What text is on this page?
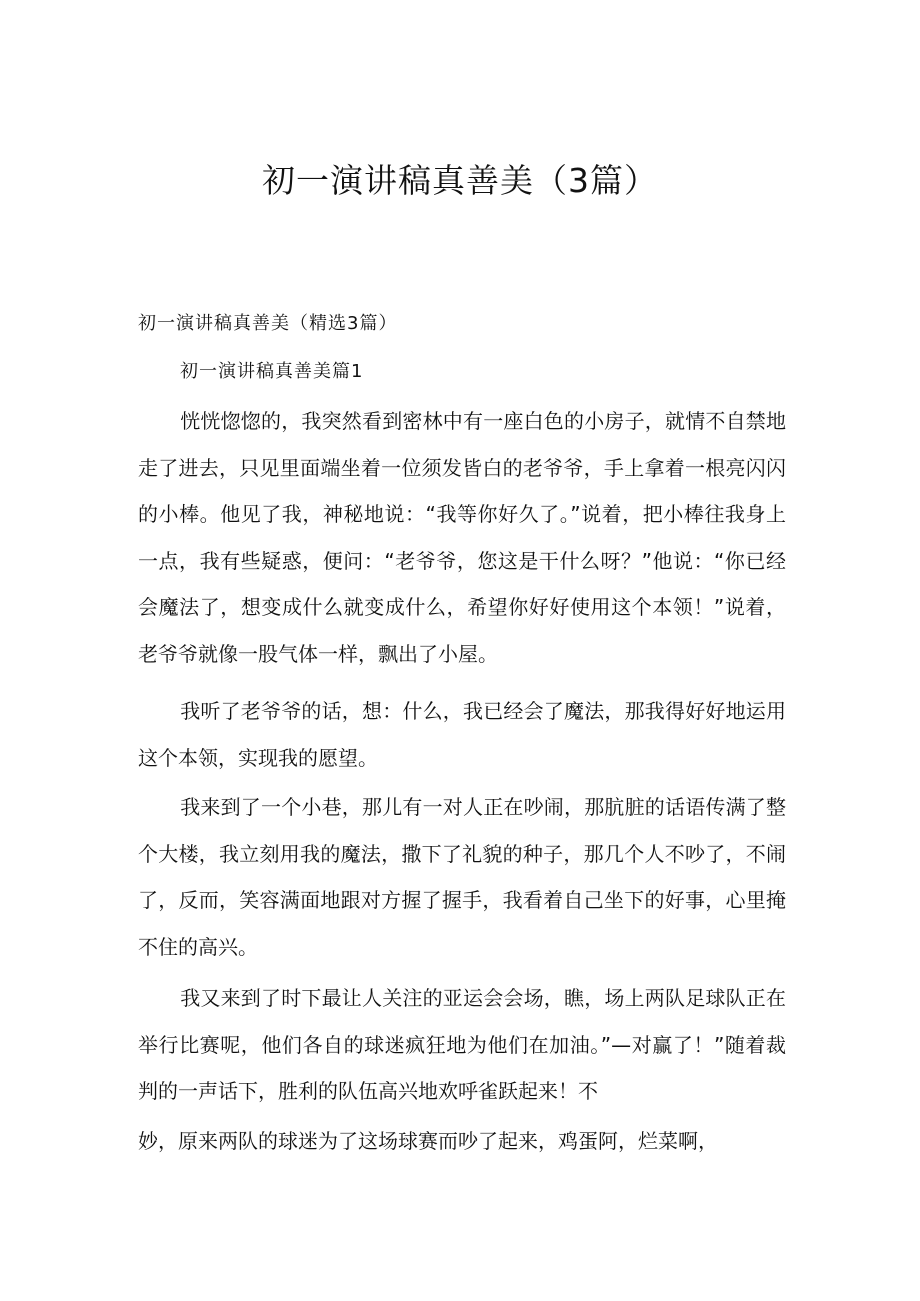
初一演讲稿真善美（3篇）
初一演讲稿真善美（精选3篇）
初一演讲稿真善美篇1
恍恍惚惚的，我突然看到密林中有一座白色的小房子，就情不自禁地走了进去，只见里面端坐着一位须发皆白的老爷爷，手上拿着一根亮闪闪的小棒。他见了我，神秘地说：“我等你好久了。”说着，把小棒往我身上一点，我有些疑惑，便问：“老爷爷，您这是干什么呀？”他说：“你已经会魔法了，想变成什么就变成什么，希望你好好使用这个本领！”说着，老爷爷就像一股气体一样，飘出了小屋。
我听了老爷爷的话，想：什么，我已经会了魔法，那我得好好地运用这个本领，实现我的愿望。
我来到了一个小巷，那儿有一对人正在吵闹，那肮脏的话语传满了整个大楼，我立刻用我的魔法，撒下了礼貌的种子，那几个人不吵了，不闹了，反而，笑容满面地跟对方握了握手，我看着自己坐下的好事，心里掩不住的高兴。
我又来到了时下最让人关注的亚运会会场，瞧，场上两队足球队正在举行比赛呢，他们各自的球迷疯狂地为他们在加油。”—对赢了！”随着裁判的一声话下，胜利的队伍高兴地欢呼雀跃起来！不
妙，原来两队的球迷为了这场球赛而吵了起来，鸡蛋阿，烂菜啊，
